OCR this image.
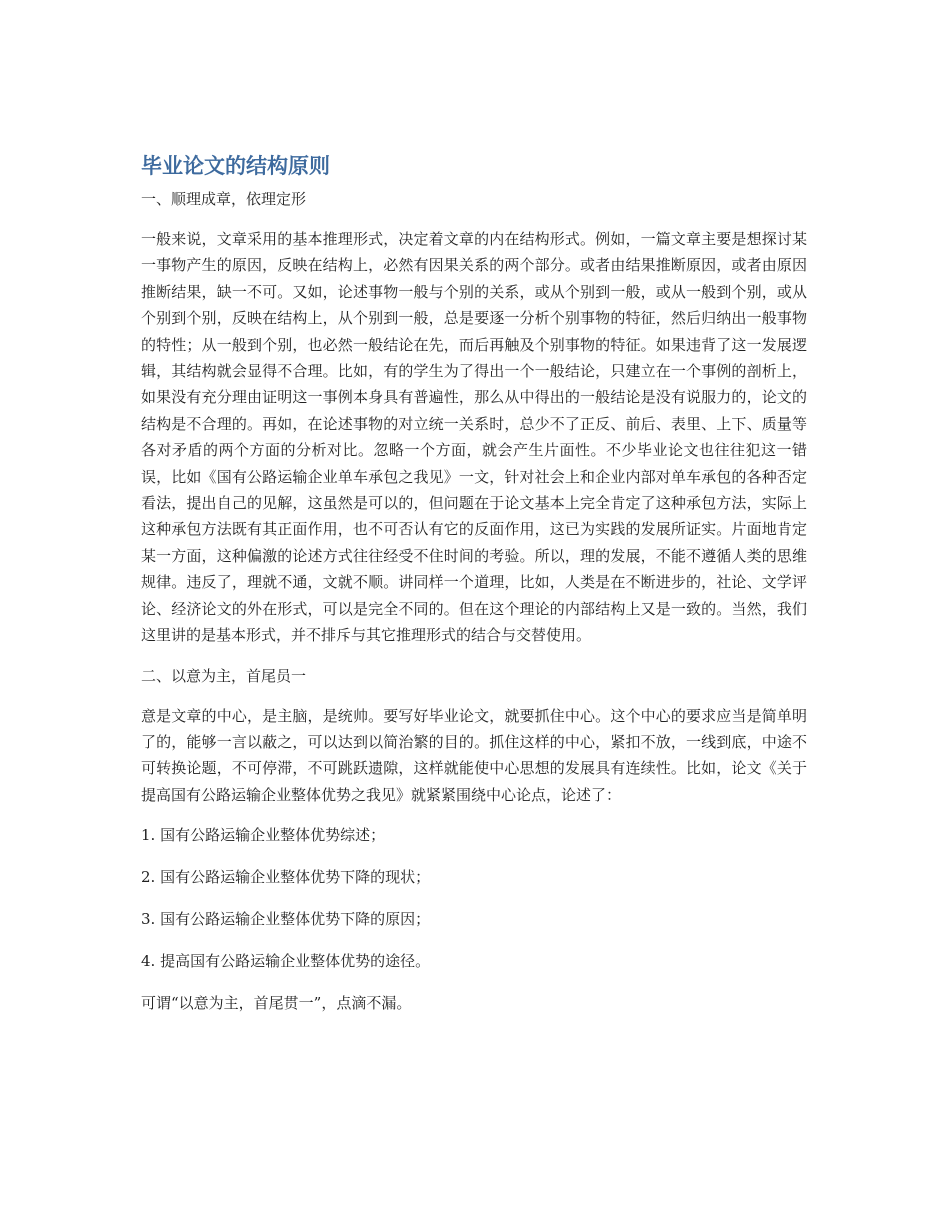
毕业论文的结构原则
一、顺理成章，依理定形

一般来说，文章采用的基本推理形式，决定着文章的内在结构形式。例如，一篇文章主要是想探讨某一事物产生的原因，反映在结构上，必然有因果关系的两个部分。或者由结果推断原因，或者由原因推断结果，缺一不可。又如，论述事物一般与个别的关系，或从个别到一般，或从一般到个别，或从个别到个别，反映在结构上，从个别到一般，总是要逐一分析个别事物的特征，然后归纳出一般事物的特性；从一般到个别，也必然一般结论在先，而后再触及个别事物的特征。如果违背了这一发展逻辑，其结构就会显得不合理。比如，有的学生为了得出一个一般结论，只建立在一个事例的剖析上，如果没有充分理由证明这一事例本身具有普遍性，那么从中得出的一般结论是没有说服力的，论文的结构是不合理的。再如，在论述事物的对立统一关系时，总少不了正反、前后、表里、上下、质量等各对矛盾的两个方面的分析对比。忽略一个方面，就会产生片面性。不少毕业论文也往往犯这一错误，比如《国有公路运输企业单车承包之我见》一文，针对社会上和企业内部对单车承包的各种否定看法，提出自己的见解，这虽然是可以的，但问题在于论文基本上完全肯定了这种承包方法，实际上这种承包方法既有其正面作用，也不可否认有它的反面作用，这已为实践的发展所证实。片面地肯定某一方面，这种偏激的论述方式往往经受不住时间的考验。所以，理的发展，不能不遵循人类的思维规律。违反了，理就不通，文就不顺。讲同样一个道理，比如，人类是在不断进步的，社论、文学评论、经济论文的外在形式，可以是完全不同的。但在这个理论的内部结构上又是一致的。当然，我们这里讲的是基本形式，并不排斥与其它推理形式的结合与交替使用。

二、以意为主，首尾员一

意是文章的中心，是主脑，是统帅。要写好毕业论文，就要抓住中心。这个中心的要求应当是简单明了的，能够一言以蔽之，可以达到以简治繁的目的。抓住这样的中心，紧扣不放，一线到底，中途不可转换论题，不可停滞，不可跳跃遗隙，这样就能使中心思想的发展具有连续性。比如，论文《关于提高国有公路运输企业整体优势之我见》就紧紧围绕中心论点，论述了：

1. 国有公路运输企业整体优势综述；
2. 国有公路运输企业整体优势下降的现状；
3. 国有公路运输企业整体优势下降的原因；
4. 提高国有公路运输企业整体优势的途径。

可谓“以意为主，首尾贯一”，点滴不漏。
